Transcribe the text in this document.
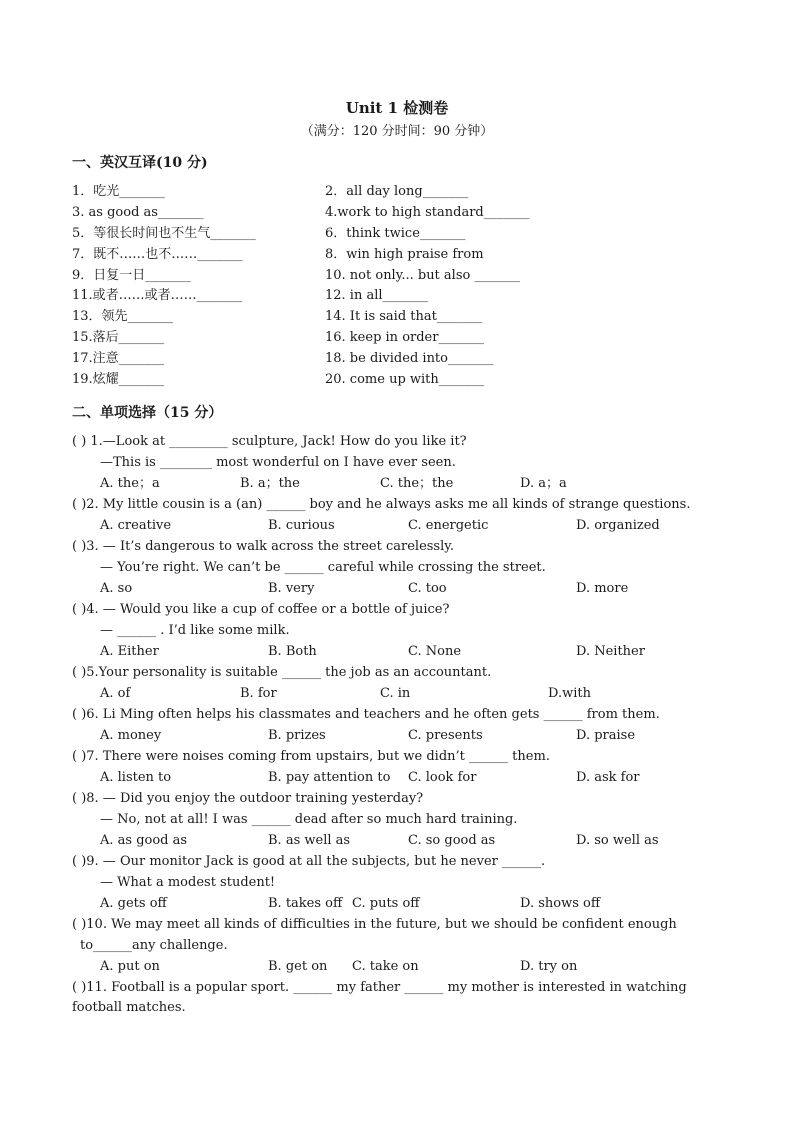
Unit 1 检测卷
（满分：120 分时间：90 分钟）
一、英汉互译(10 分)
1．吃光_______	2．all day long_______
3. as good as_______	4.work to high standard_______
5．等很长时间也不生气_______	6．think twice_______
7．既不……也不……_______	8．win high praise from
9．日复一日_______	10. not only... but also _______
11.或者……或者……_______	12. in all_______
13．领先_______	14. It is said that_______
15.落后_______	16. keep in order_______
17.注意_______	18. be divided into_______
19.炫耀_______	20. come up with_______
二、单项选择（15 分）
( ) 1.—Look at _________ sculpture, Jack! How do you like it?
—This is ________ most wonderful on I have ever seen.
A. the；a	B. a；the	C. the；the	D. a；a
( )2. My little cousin is a (an) ______ boy and he always asks me all kinds of strange questions.
A. creative	B. curious	C. energetic	D. organized
( )3. — It’s dangerous to walk across the street carelessly.
— You’re right. We can’t be ______ careful while crossing the street.
A. so	B. very	C. too	D. more
( )4. — Would you like a cup of coffee or a bottle of juice?
— ______ . I’d like some milk.
A. Either	B. Both	C. None	D. Neither
( )5.Your personality is suitable ______ the job as an accountant.
A. of	B. for	C. in	D.with
( )6. Li Ming often helps his classmates and teachers and he often gets ______ from them.
A. money	B. prizes	C. presents	D. praise
( )7. There were noises coming from upstairs, but we didn’t ______ them.
A. listen to	B. pay attention to C. look for	D. ask for
( )8. — Did you enjoy the outdoor training yesterday?
— No, not at all! I was ______ dead after so much hard training.
A. as good as	B. as well as	C. so good as	D. so well as
( )9. — Our monitor Jack is good at all the subjects, but he never ______.
— What a modest student!
A. gets off	B. takes off C. puts off	D. shows off
( )10. We may meet all kinds of difficulties in the future, but we should be confident enough
to______any challenge.
A. put on	B. get on C. take on	D. try on
( )11. Football is a popular sport. ______ my father ______ my mother is interested in watching football matches.
